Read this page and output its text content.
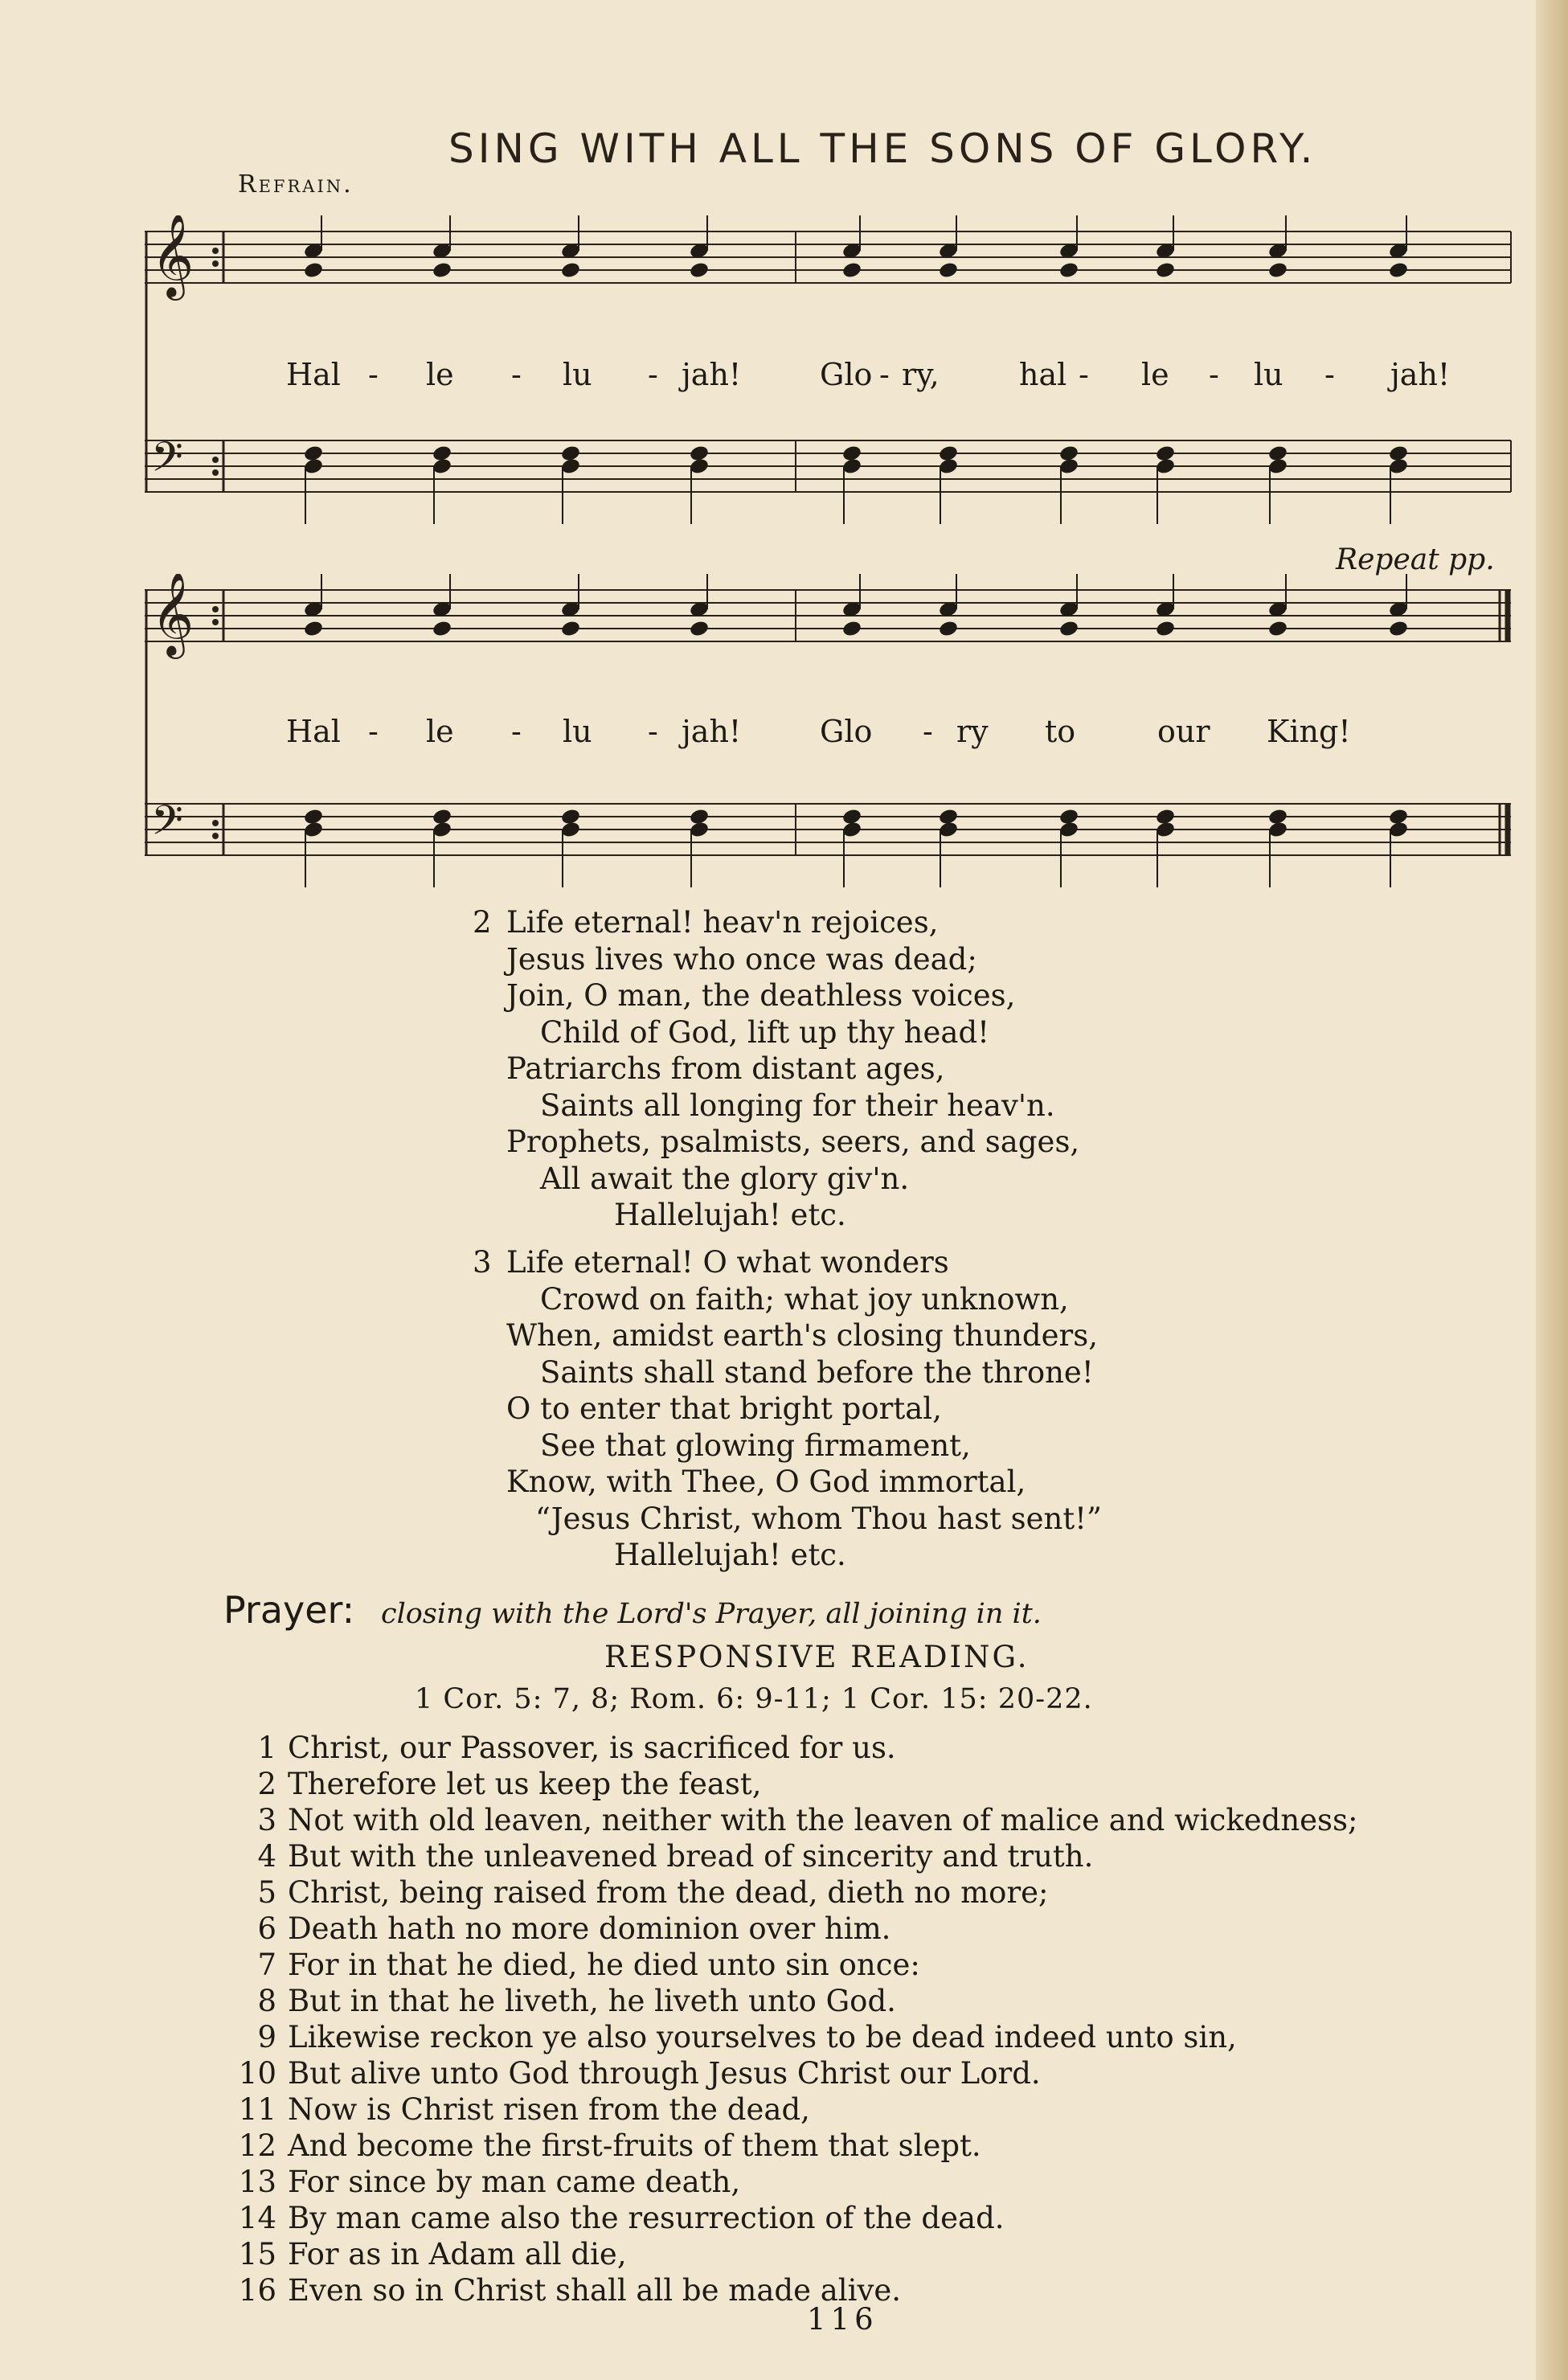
SING WITH ALL THE SONS OF GLORY.
Refrain.
Repeat pp.
𝄞
𝄢
Hal - le - lu - jah!	Glo - ry,	hal - le - lu - jah!
𝄞
𝄢
Hal - le - lu - jah!	Glo - ry to	our King!
2 Life eternal! heav'n rejoices,
Jesus lives who once was dead;
Join, O man, the deathless voices,
Child of God, lift up thy head!
Patriarchs from distant ages,
Saints all longing for their heav'n.
Prophets, psalmists, seers, and sages,
All await the glory giv'n.
Hallelujah! etc.
3 Life eternal! O what wonders
Crowd on faith; what joy unknown,
When, amidst earth's closing thunders,
Saints shall stand before the throne!
O to enter that bright portal,
See that glowing firmament,
Know, with Thee, O God immortal,
“Jesus Christ, whom Thou hast sent!”
Hallelujah! etc.
Prayer: closing with the Lord's Prayer, all joining in it.
RESPONSIVE READING.
1 Cor. 5: 7, 8; Rom. 6: 9-11; 1 Cor. 15: 20-22.
1 Christ, our Passover, is sacrificed for us.
2 Therefore let us keep the feast,
3 Not with old leaven, neither with the leaven of malice and wickedness;
4 But with the unleavened bread of sincerity and truth.
5 Christ, being raised from the dead, dieth no more;
6 Death hath no more dominion over him.
7 For in that he died, he died unto sin once:
8 But in that he liveth, he liveth unto God.
9 Likewise reckon ye also yourselves to be dead indeed unto sin,
10 But alive unto God through Jesus Christ our Lord.
11 Now is Christ risen from the dead,
12 And become the first-fruits of them that slept.
13 For since by man came death,
14 By man came also the resurrection of the dead.
15 For as in Adam all die,
16 Even so in Christ shall all be made alive.
116
